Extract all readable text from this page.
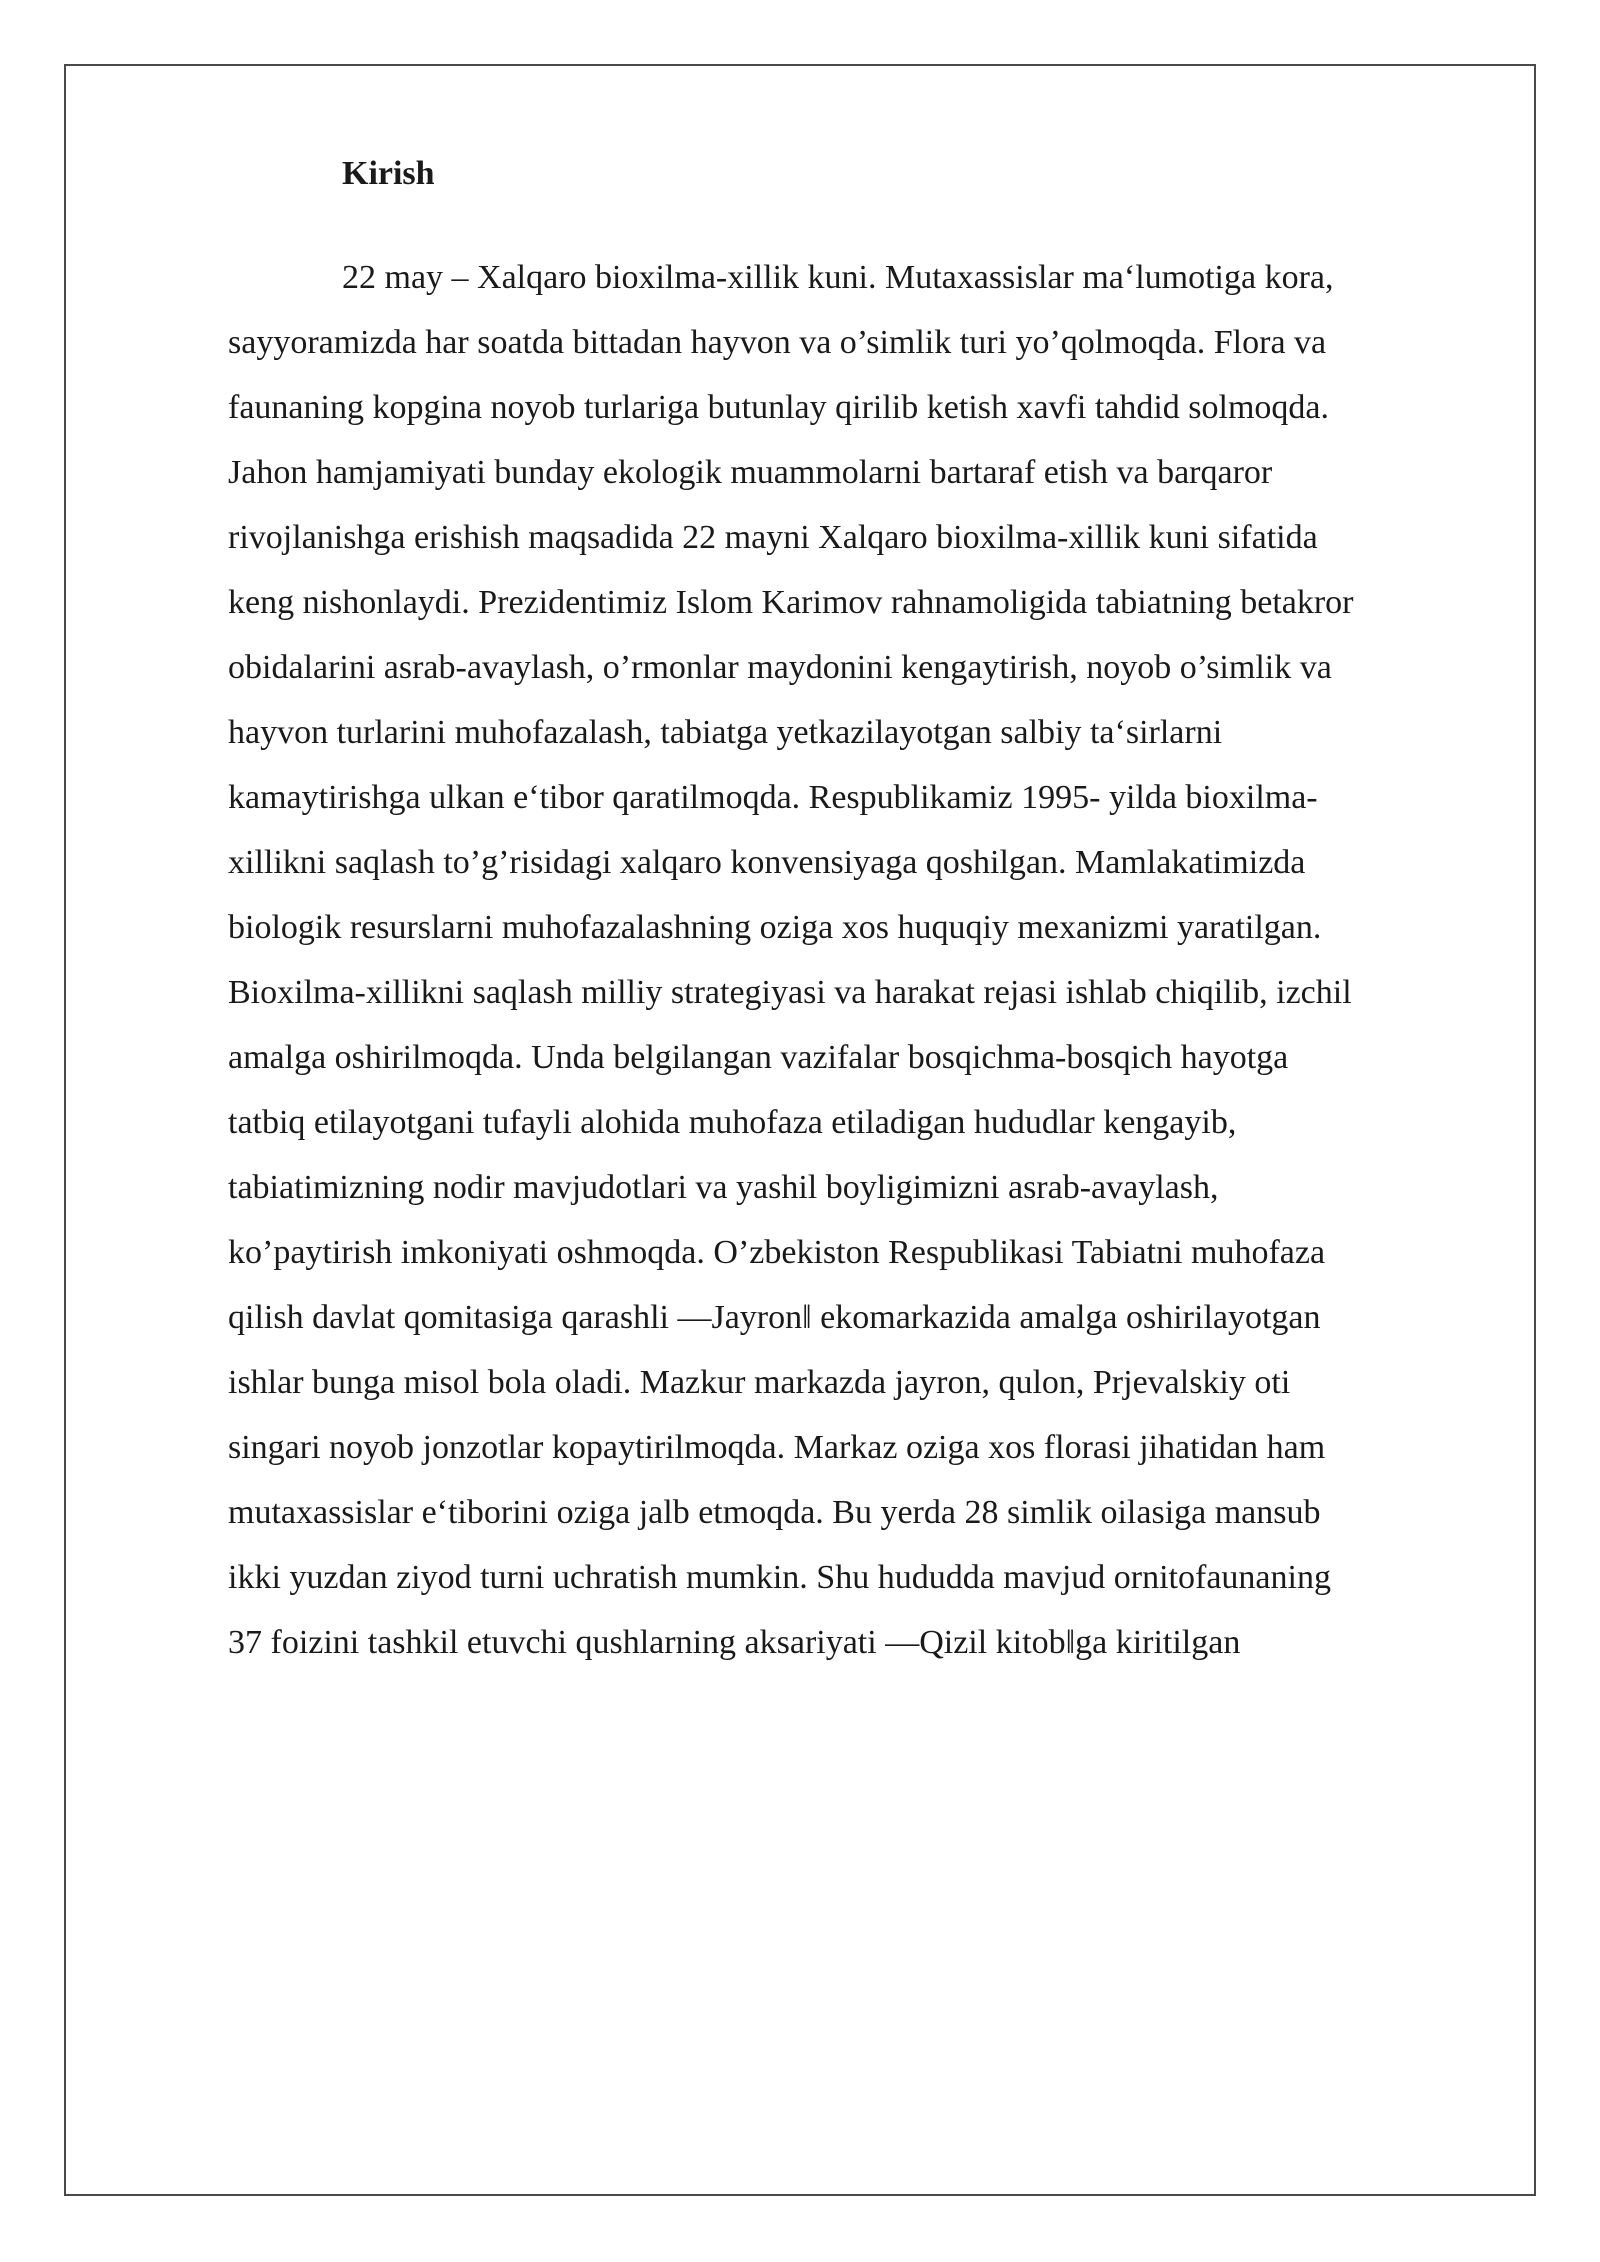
Kirish
22 may – Xalqaro bioxilma-xillik kuni. Mutaxassislar maʻlumotiga kora,
sayyoramizda har soatda bittadan hayvon va o’simlik turi yo’qolmoqda. Flora va
faunaning kopgina noyob turlariga butunlay qirilib ketish xavfi tahdid solmoqda.
Jahon hamjamiyati bunday ekologik muammolarni bartaraf etish va barqaror
rivojlanishga erishish maqsadida 22 mayni Xalqaro bioxilma-xillik kuni sifatida
keng nishonlaydi. Prezidentimiz Islom Karimov rahnamoligida tabiatning betakror
obidalarini asrab-avaylash, o’rmonlar maydonini kengaytirish, noyob o’simlik va
hayvon turlarini muhofazalash, tabiatga yetkazilayotgan salbiy taʻsirlarni
kamaytirishga ulkan eʻtibor qaratilmoqda. Respublikamiz 1995- yilda bioxilma-
xillikni saqlash to’g’risidagi xalqaro konvensiyaga qoshilgan. Mamlakatimizda
biologik resurslarni muhofazalashning oziga xos huquqiy mexanizmi yaratilgan.
Bioxilma-xillikni saqlash milliy strategiyasi va harakat rejasi ishlab chiqilib, izchil
amalga oshirilmoqda. Unda belgilangan vazifalar bosqichma-bosqich hayotga
tatbiq etilayotgani tufayli alohida muhofaza etiladigan hududlar kengayib,
tabiatimizning nodir mavjudotlari va yashil boyligimizni asrab-avaylash,
ko’paytirish imkoniyati oshmoqda. O’zbekiston Respublikasi Tabiatni muhofaza
qilish davlat qomitasiga qarashli ―Jayron‖ ekomarkazida amalga oshirilayotgan
ishlar bunga misol bola oladi. Mazkur markazda jayron, qulon, Prjevalskiy oti
singari noyob jonzotlar kopaytirilmoqda. Markaz oziga xos florasi jihatidan ham
mutaxassislar eʻtiborini oziga jalb etmoqda. Bu yerda 28 simlik oilasiga mansub
ikki yuzdan ziyod turni uchratish mumkin. Shu hududda mavjud ornitofaunaning
37 foizini tashkil etuvchi qushlarning aksariyati ―Qizil kitob‖ga kiritilgan
